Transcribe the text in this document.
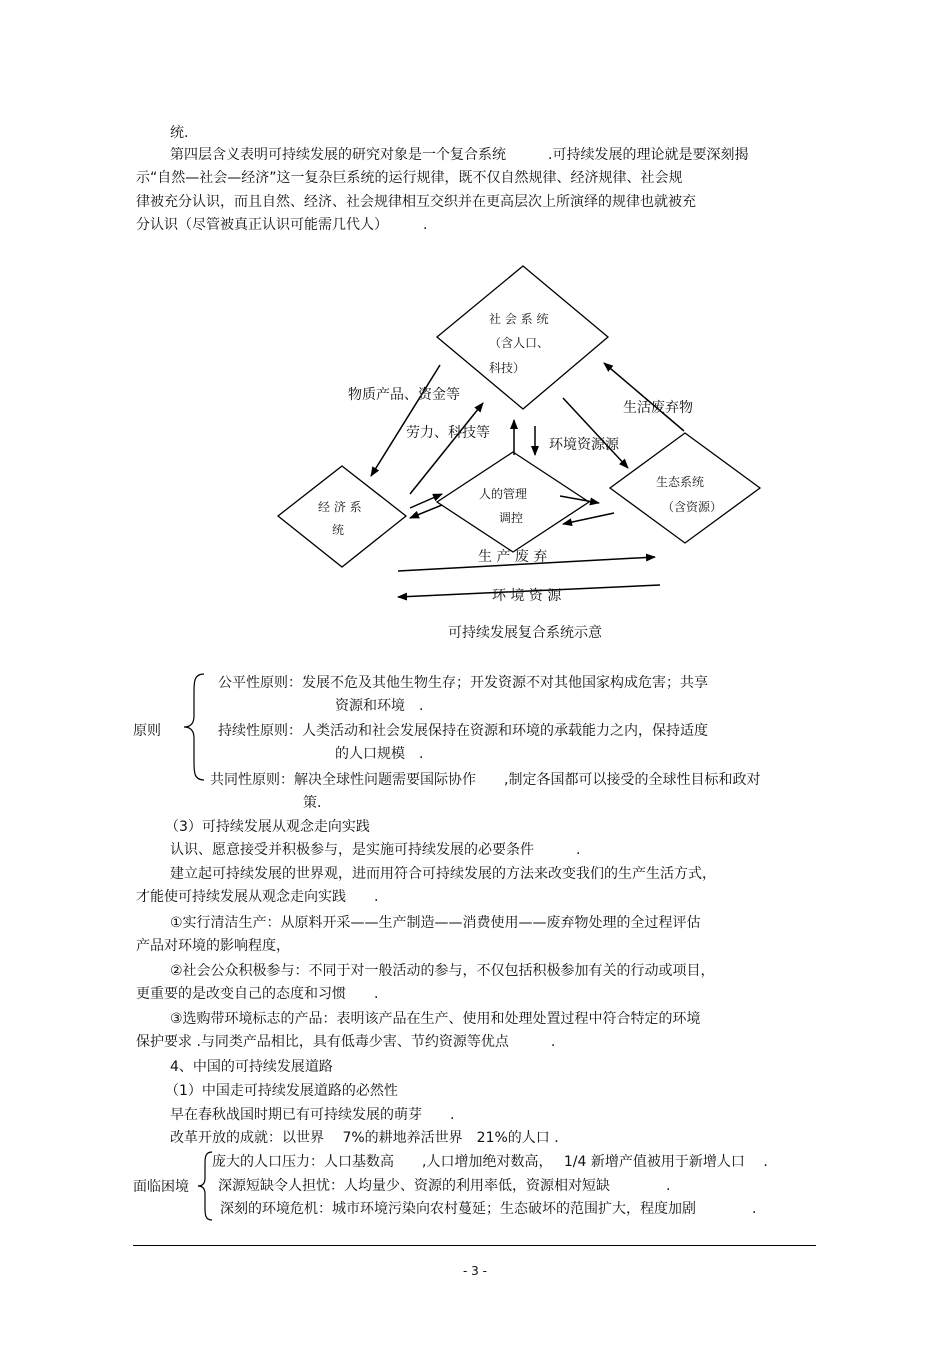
统.
第四层含义表明可持续发展的研究对象是一个复合系统　　　.可持续发展的理论就是要深刻揭
示“自然—社会—经济”这一复杂巨系统的运行规律，既不仅自然规律、经济规律、社会规
律被充分认识，而且自然、经济、社会规律相互交织并在更高层次上所演绎的规律也就被充
分认识（尽管被真正认识可能需几代人）　　　.
社 会 系 统
（含人口、
科技）
经 济 系
统
人的管理
调控
生态系统
（含资源）
物质产品、资金等
劳力、科技等
环境资源源
生活废弃物
生 产 废 弃
环 境 资 源
可持续发展复合系统示意
原则
公平性原则：发展不危及其他生物生存；开发资源不对其他国家构成危害；共享
资源和环境　.
持续性原则：人类活动和社会发展保持在资源和环境的承载能力之内，保持适度
的人口规模　.
共同性原则：解决全球性问题需要国际协作　　,制定各国都可以接受的全球性目标和政对
策.
（3）可持续发展从观念走向实践
认识、愿意接受并积极参与，是实施可持续发展的必要条件　　　.
建立起可持续发展的世界观，进而用符合可持续发展的方法来改变我们的生产生活方式，
才能使可持续发展从观念走向实践　　.
①实行清洁生产：从原料开采——生产制造——消费使用——废弃物处理的全过程评估
产品对环境的影响程度，
②社会公众积极参与：不同于对一般活动的参与，不仅包括积极参加有关的行动或项目，
更重要的是改变自己的态度和习惯　　.
③选购带环境标志的产品：表明该产品在生产、使用和处理处置过程中符合特定的环境
保护要求 .与同类产品相比，具有低毒少害、节约资源等优点　　　.
4、中国的可持续发展道路
（1）中国走可持续发展道路的必然性
早在春秋战国时期已有可持续发展的萌芽　　.
改革开放的成就：以世界　 7%的耕地养活世界　21%的人口 .
面临困境
庞大的人口压力：人口基数高　　,人口增加绝对数高，　 1/4 新增产值被用于新增人口　 .
深源短缺令人担忧：人均量少、资源的利用率低，资源相对短缺　　　　.
深刻的环境危机：城市环境污染向农村蔓延；生态破坏的范围扩大，程度加剧　　　　.
- 3 -
